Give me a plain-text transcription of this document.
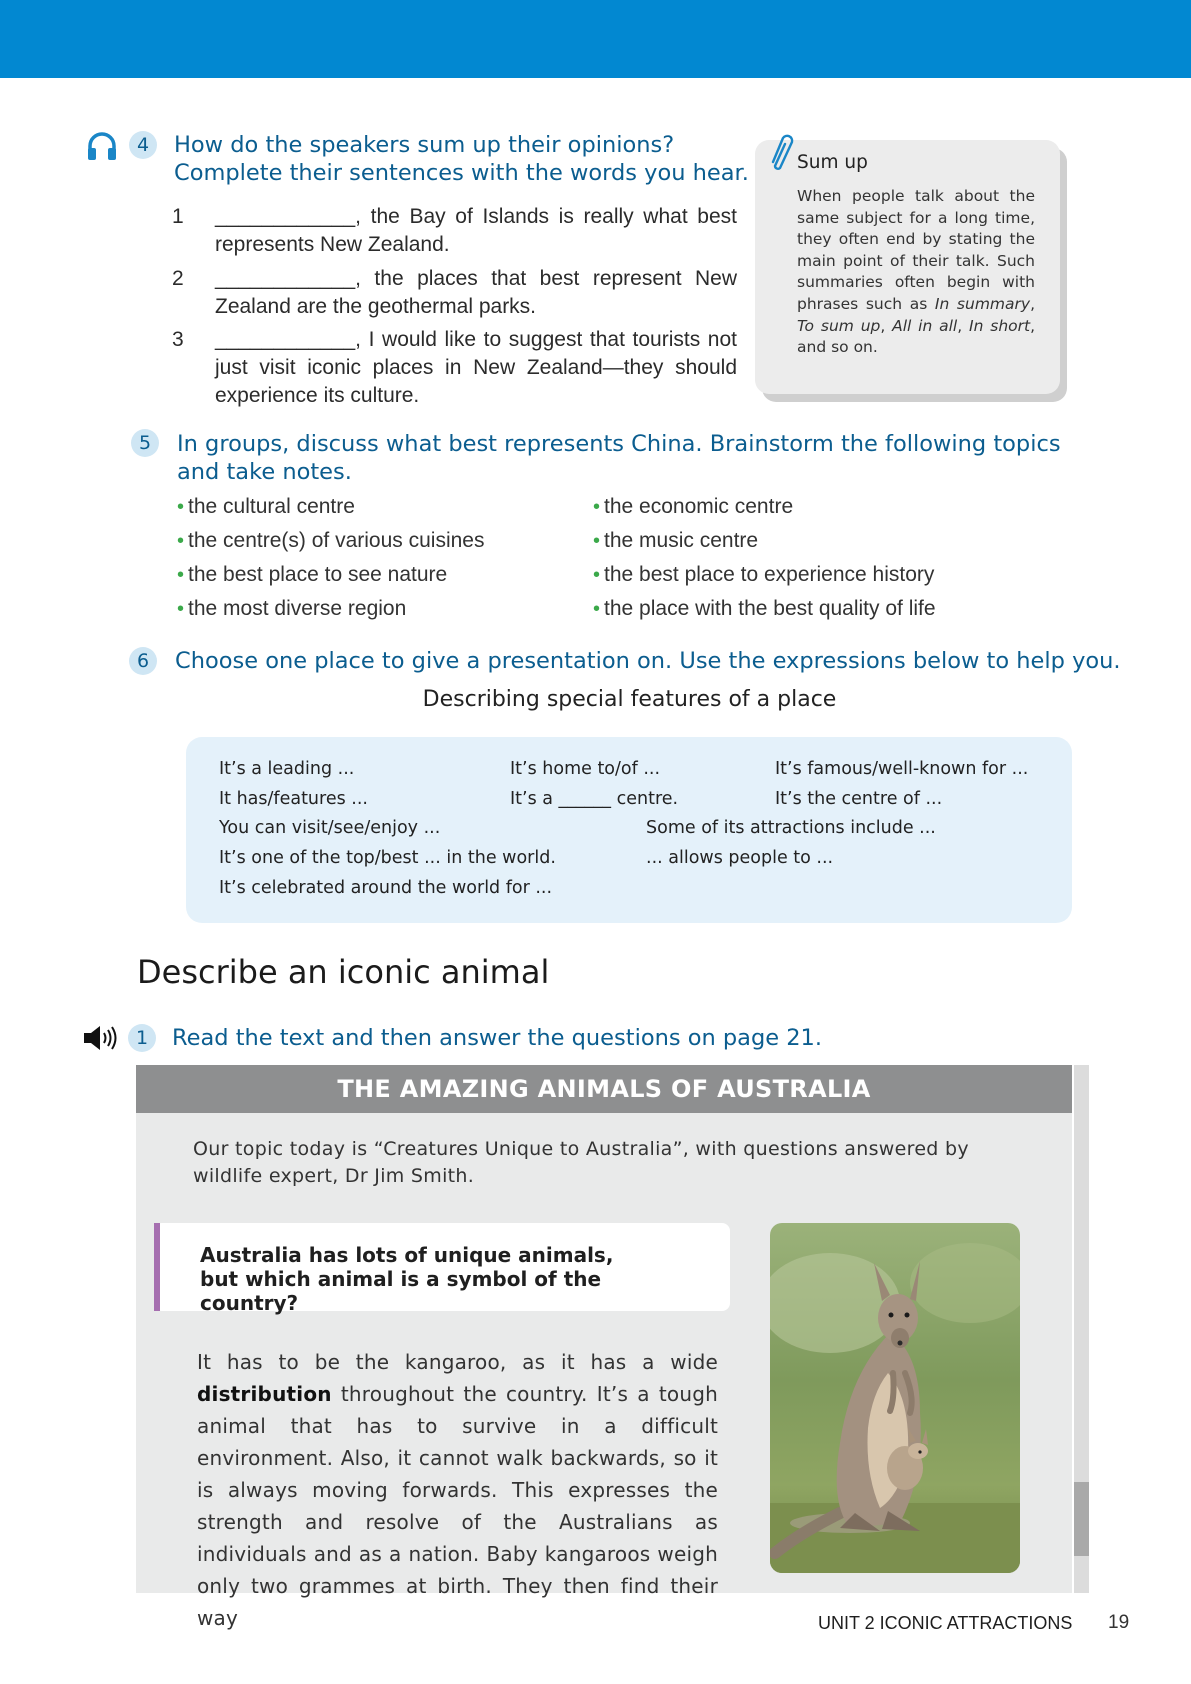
4	How do the speakers sum up their opinions?
Complete their sentences with the words you hear.
1	____________, the Bay of Islands is really what best represents New Zealand.
2	____________, the places that best represent New Zealand are the geothermal parks.
3	____________, I would like to suggest that tourists not just visit iconic places in New Zealand—they should experience its culture.
Sum up
When people talk about the same subject for a long time, they often end by stating the main point of their talk. Such summaries often begin with phrases such as In summary, To sum up, All in all, In short, and so on.
5	In groups, discuss what best represents China. Brainstorm the following topics
and take notes.
• the cultural centre
• the centre(s) of various cuisines
• the best place to see nature
• the most diverse region
• the economic centre
• the music centre
• the best place to experience history
• the place with the best quality of life
6	Choose one place to give a presentation on. Use the expressions below to help you.
Describing special features of a place
It’s a leading ...	It’s home to/of ...	It’s famous/well-known for ...
It has/features ...	It’s a ______ centre.	It’s the centre of ...
You can visit/see/enjoy ...	Some of its attractions include ...
It’s one of the top/best ... in the world.	... allows people to ...
It’s celebrated around the world for ...
Describe an iconic animal
1	Read the text and then answer the questions on page 21.
THE AMAZING ANIMALS OF AUSTRALIA
Our topic today is “Creatures Unique to Australia”, with questions answered by wildlife expert, Dr Jim Smith.
Australia has lots of unique animals,
but which animal is a symbol of the country?
It has to be the kangaroo, as it has a wide distribution throughout the country. It’s a tough animal that has to survive in a difficult environment. Also, it cannot walk backwards, so it is always moving forwards. This expresses the strength and resolve of the Australians as individuals and as a nation. Baby kangaroos weigh only two grammes at birth. They then find their way	UNIT 2 ICONIC ATTRACTIONS 19
